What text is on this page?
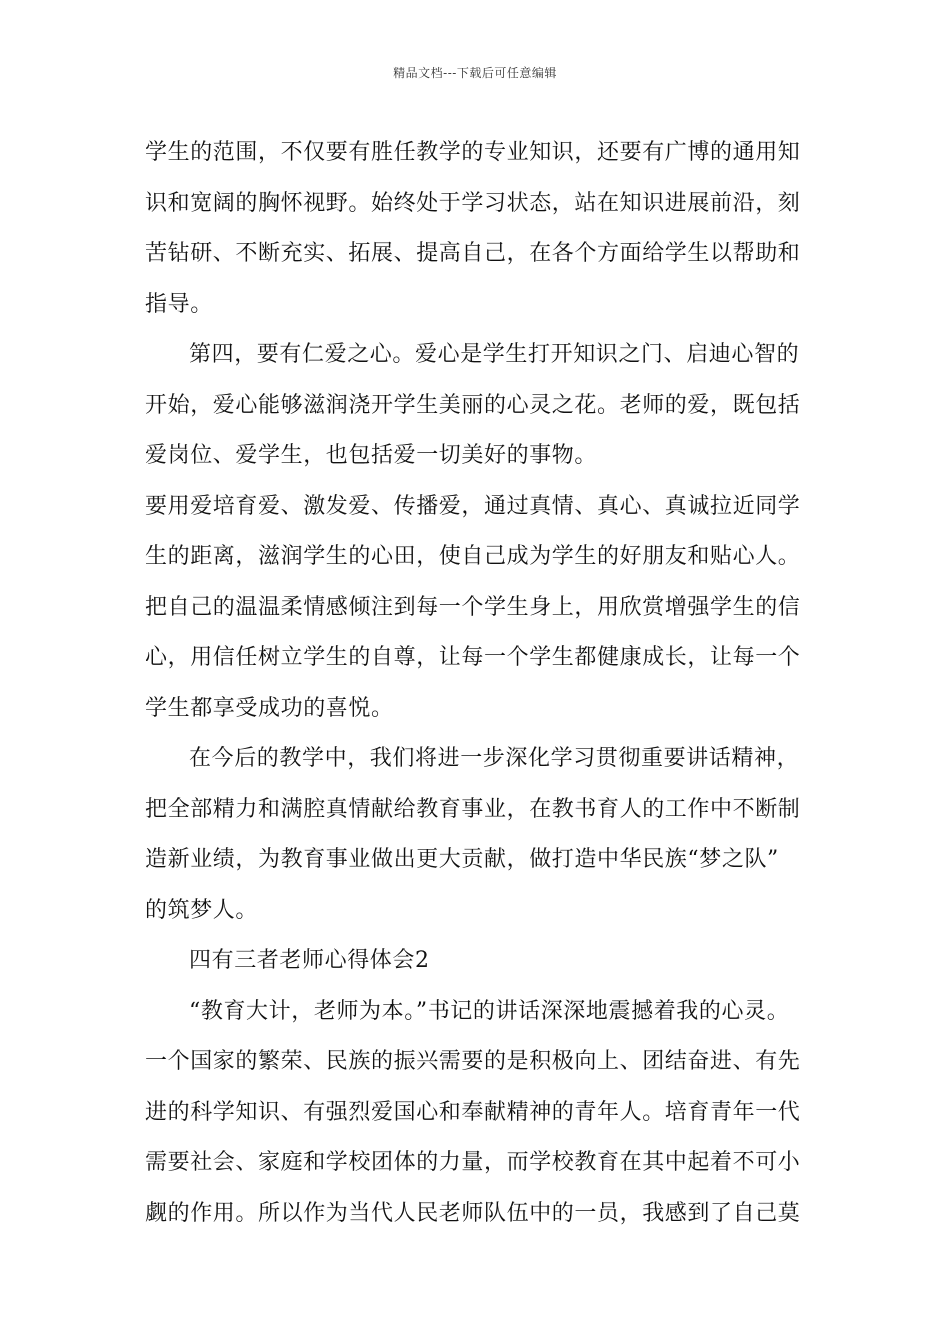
精品文档---下载后可任意编辑
学生的范围，不仅要有胜任教学的专业知识，还要有广博的通用知
识和宽阔的胸怀视野。始终处于学习状态，站在知识进展前沿，刻
苦钻研、不断充实、拓展、提高自己，在各个方面给学生以帮助和
指导。
第四，要有仁爱之心。爱心是学生打开知识之门、启迪心智的
开始，爱心能够滋润浇开学生美丽的心灵之花。老师的爱，既包括
爱岗位、爱学生，也包括爱一切美好的事物。
要用爱培育爱、激发爱、传播爱，通过真情、真心、真诚拉近同学
生的距离，滋润学生的心田，使自己成为学生的好朋友和贴心人。
把自己的温温柔情感倾注到每一个学生身上，用欣赏增强学生的信
心，用信任树立学生的自尊，让每一个学生都健康成长，让每一个
学生都享受成功的喜悦。
在今后的教学中，我们将进一步深化学习贯彻重要讲话精神，
把全部精力和满腔真情献给教育事业，在教书育人的工作中不断制
造新业绩，为教育事业做出更大贡献，做打造中华民族“梦之队”
的筑梦人。
四有三者老师心得体会2
“教育大计，老师为本。”书记的讲话深深地震撼着我的心灵。
一个国家的繁荣、民族的振兴需要的是积极向上、团结奋进、有先
进的科学知识、有强烈爱国心和奉献精神的青年人。培育青年一代
需要社会、家庭和学校团体的力量，而学校教育在其中起着不可小
觑的作用。所以作为当代人民老师队伍中的一员，我感到了自己莫
